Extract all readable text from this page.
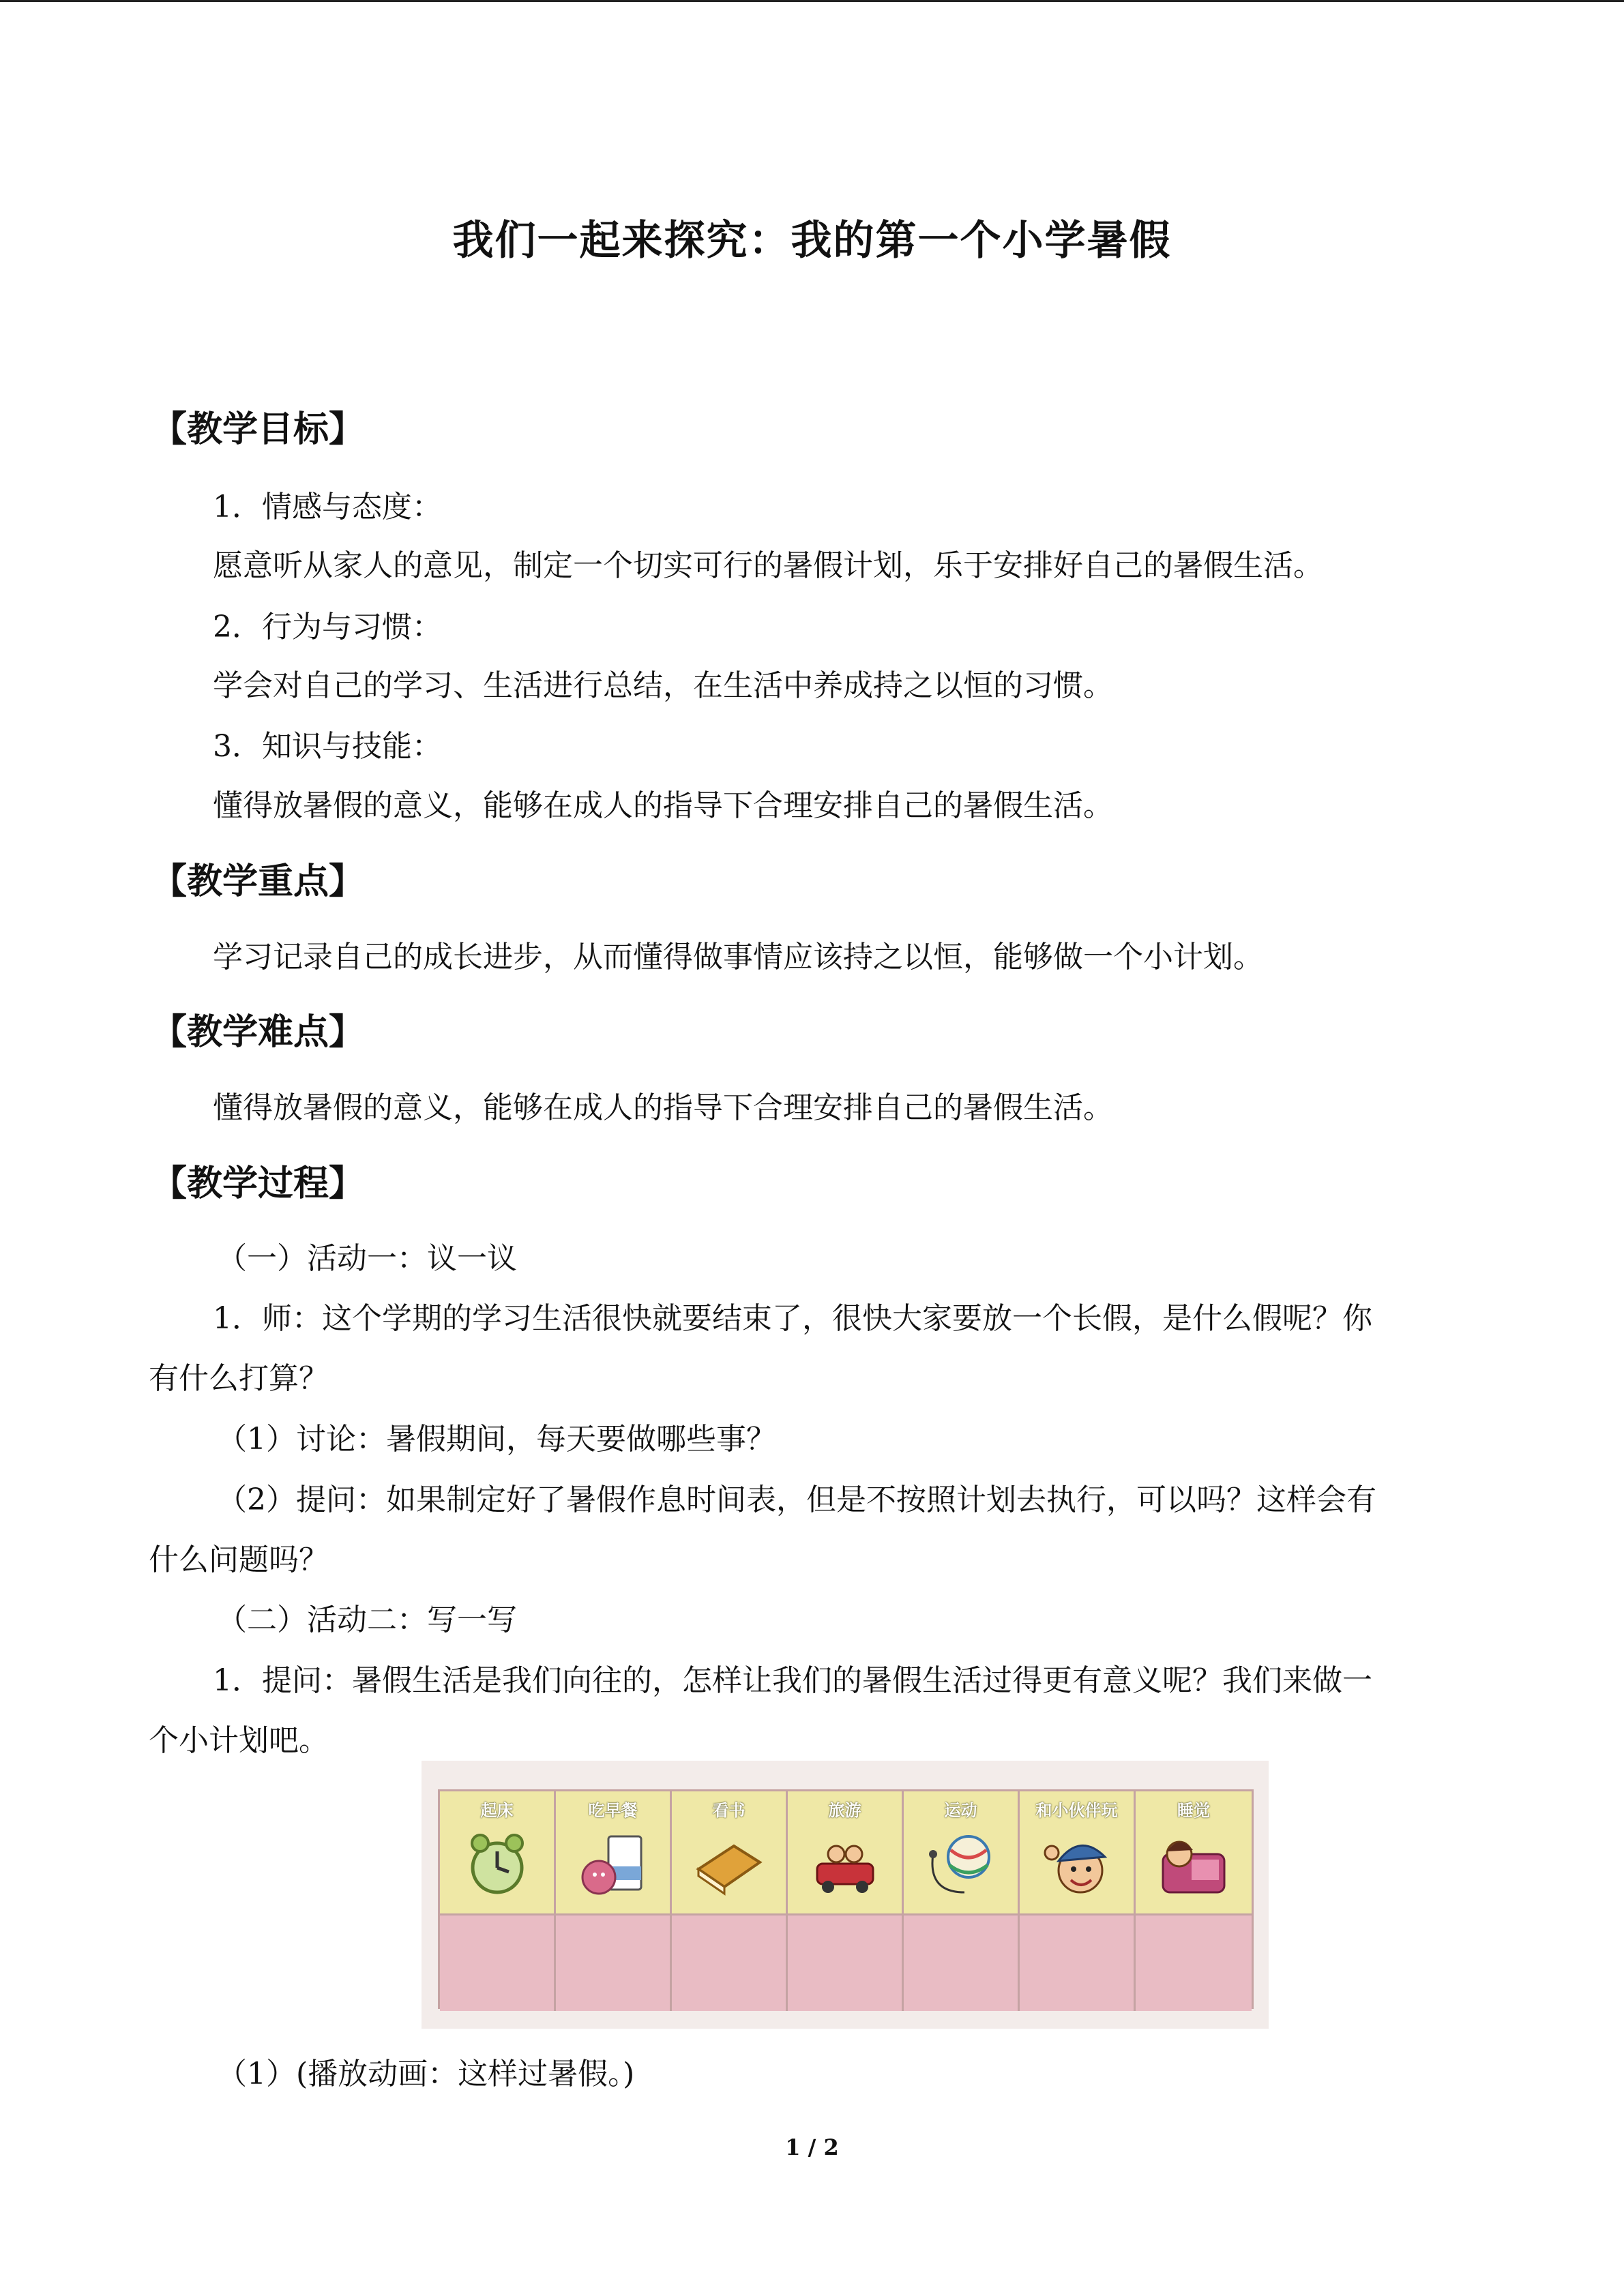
我们一起来探究：我的第一个小学暑假
【教学目标】
1．情感与态度：
愿意听从家人的意见，制定一个切实可行的暑假计划，乐于安排好自己的暑假生活。
2．行为与习惯：
学会对自己的学习、生活进行总结，在生活中养成持之以恒的习惯。
3．知识与技能：
懂得放暑假的意义，能够在成人的指导下合理安排自己的暑假生活。
【教学重点】
学习记录自己的成长进步，从而懂得做事情应该持之以恒，能够做一个小计划。
【教学难点】
懂得放暑假的意义，能够在成人的指导下合理安排自己的暑假生活。
【教学过程】
（一）活动一：议一议
1．师：这个学期的学习生活很快就要结束了，很快大家要放一个长假，是什么假呢？你
有什么打算？
（1）讨论：暑假期间，每天要做哪些事？
（2）提问：如果制定好了暑假作息时间表，但是不按照计划去执行，可以吗？这样会有
什么问题吗？
（二）活动二：写一写
1．提问：暑假生活是我们向往的，怎样让我们的暑假生活过得更有意义呢？我们来做一
个小计划吧。
起床	吃早餐	看书	旅游	运动	和小伙伴玩	睡觉
（1）(播放动画：这样过暑假。)
1 / 2
